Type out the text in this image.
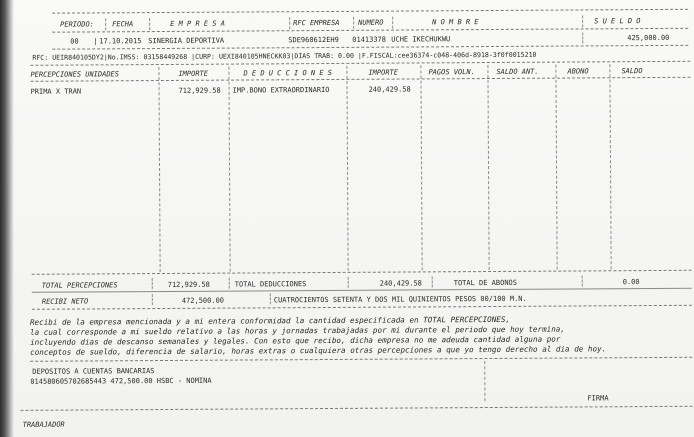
PERIODO:	FECHA	E M P R E S A	RFC EMPRESA	NUMERO	N O M B R E	S U E L D O
00 | 17.10.2015 SINERGIA DEPORTIVA	SDE960612EH9 01413378 UCHE IKECHUKWU	425,000.00
RFC: UEIR840105DY2|No.IMSS: 03158449268 |CURP: UEXI840105HNECKK03|DIAS TRAB: 0.00 |F.FISCAL:cee36374-c048-406d-8918-3f0f0015210
PERCEPCIONES UNIDADES	IMPORTE	D E D U C C I O N E S	IMPORTE	PAGOS VOLN.	SALDO ANT.	ABONO	SALDO
PRIMA X TRAN	712,929.58 IMP.BONO EXTRAORDINARIO	240,429.58
TOTAL PERCEPCIONES	712,929.58	TOTAL DEDUCCIONES	240,429.58	TOTAL DE ABONOS	0.00
RECIBI NETO	472,500.00	CUATROCIENTOS SETENTA Y DOS MIL QUINIENTOS PESOS 00/100 M.N.
Recibi de la empresa mencionada y a mi entera conformidad la cantidad especificada en TOTAL PERCEPCIONES,
la cual corresponde a mi sueldo relativo a las horas y jornadas trabajadas por mi durante el periodo que hoy termina,
incluyendo dias de descanso semanales y legales. Con esto que recibo, dicha empresa no me adeuda cantidad alguna por
conceptos de sueldo, diferencia de salario, horas extras o cualquiera otras percepciones a que yo tengo derecho al dia de hoy.
DEPOSITOS A CUENTAS BANCARIAS
014580605702685443 472,500.00 HSBC - NOMINA
FIRMA
TRABAJADOR
